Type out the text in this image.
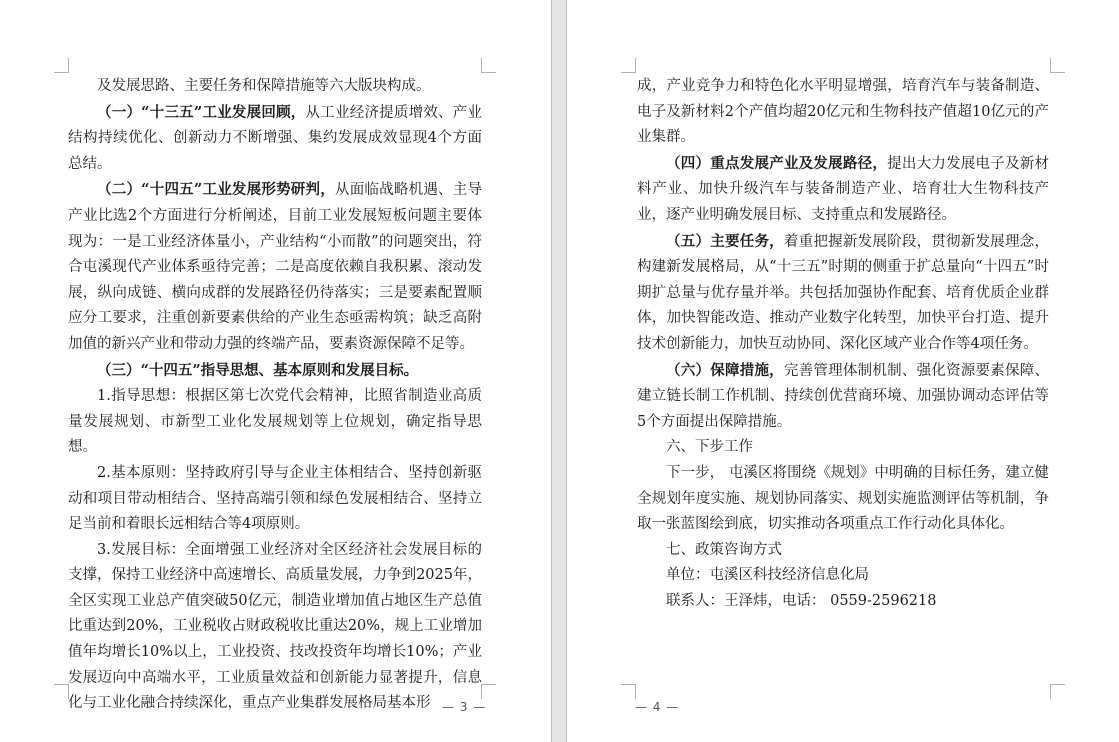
及发展思路、主要任务和保障措施等六大版块构成。

（一）“十三五”工业发展回顾，从工业经济提质增效、产业结构持续优化、创新动力不断增强、集约发展成效显现4个方面总结。

（二）“十四五”工业发展形势研判，从面临战略机遇、主导产业比选2个方面进行分析阐述，目前工业发展短板问题主要体现为：一是工业经济体量小，产业结构“小而散”的问题突出，符合屯溪现代产业体系亟待完善；二是高度依赖自我积累、滚动发展，纵向成链、横向成群的发展路径仍待落实；三是要素配置顺应分工要求，注重创新要素供给的产业生态亟需构筑；缺乏高附加值的新兴产业和带动力强的终端产品，要素资源保障不足等。

（三）“十四五”指导思想、基本原则和发展目标。

1.指导思想：根据区第七次党代会精神，比照省制造业高质量发展规划、市新型工业化发展规划等上位规划，确定指导思想。

2.基本原则：坚持政府引导与企业主体相结合、坚持创新驱动和项目带动相结合、坚持高端引领和绿色发展相结合、坚持立足当前和着眼长远相结合等4项原则。

3.发展目标：全面增强工业经济对全区经济社会发展目标的支撑，保持工业经济中高速增长、高质量发展，力争到2025年，全区实现工业总产值突破50亿元，制造业增加值占地区生产总值比重达到20%，工业税收占财政税收比重达20%，规上工业增加值年均增长10%以上，工业投资、技改投资年均增长10%；产业发展迈向中高端水平，工业质量效益和创新能力显著提升，信息化与工业化融合持续深化，重点产业集群发展格局基本形 — 3 —

成，产业竞争力和特色化水平明显增强，培育汽车与装备制造、电子及新材料2个产值均超20亿元和生物科技产值超10亿元的产业集群。

（四）重点发展产业及发展路径，提出大力发展电子及新材料产业、加快升级汽车与装备制造产业、培育壮大生物科技产业，逐产业明确发展目标、支持重点和发展路径。

（五）主要任务，着重把握新发展阶段，贯彻新发展理念，构建新发展格局，从“十三五”时期的侧重于扩总量向“十四五”时期扩总量与优存量并举。共包括加强协作配套、培育优质企业群体，加快智能改造、推动产业数字化转型，加快平台打造、提升技术创新能力，加快互动协同、深化区域产业合作等4项任务。

（六）保障措施，完善管理体制机制、强化资源要素保障、建立链长制工作机制、持续创优营商环境、加强协调动态评估等5个方面提出保障措施。

六、下步工作

下一步， 屯溪区将围绕《规划》中明确的目标任务，建立健全规划年度实施、规划协同落实、规划实施监测评估等机制，争取一张蓝图绘到底，切实推动各项重点工作行动化具体化。

七、政策咨询方式

单位：屯溪区科技经济信息化局

联系人：王泽炜，电话： 0559-2596218

— 4 —
